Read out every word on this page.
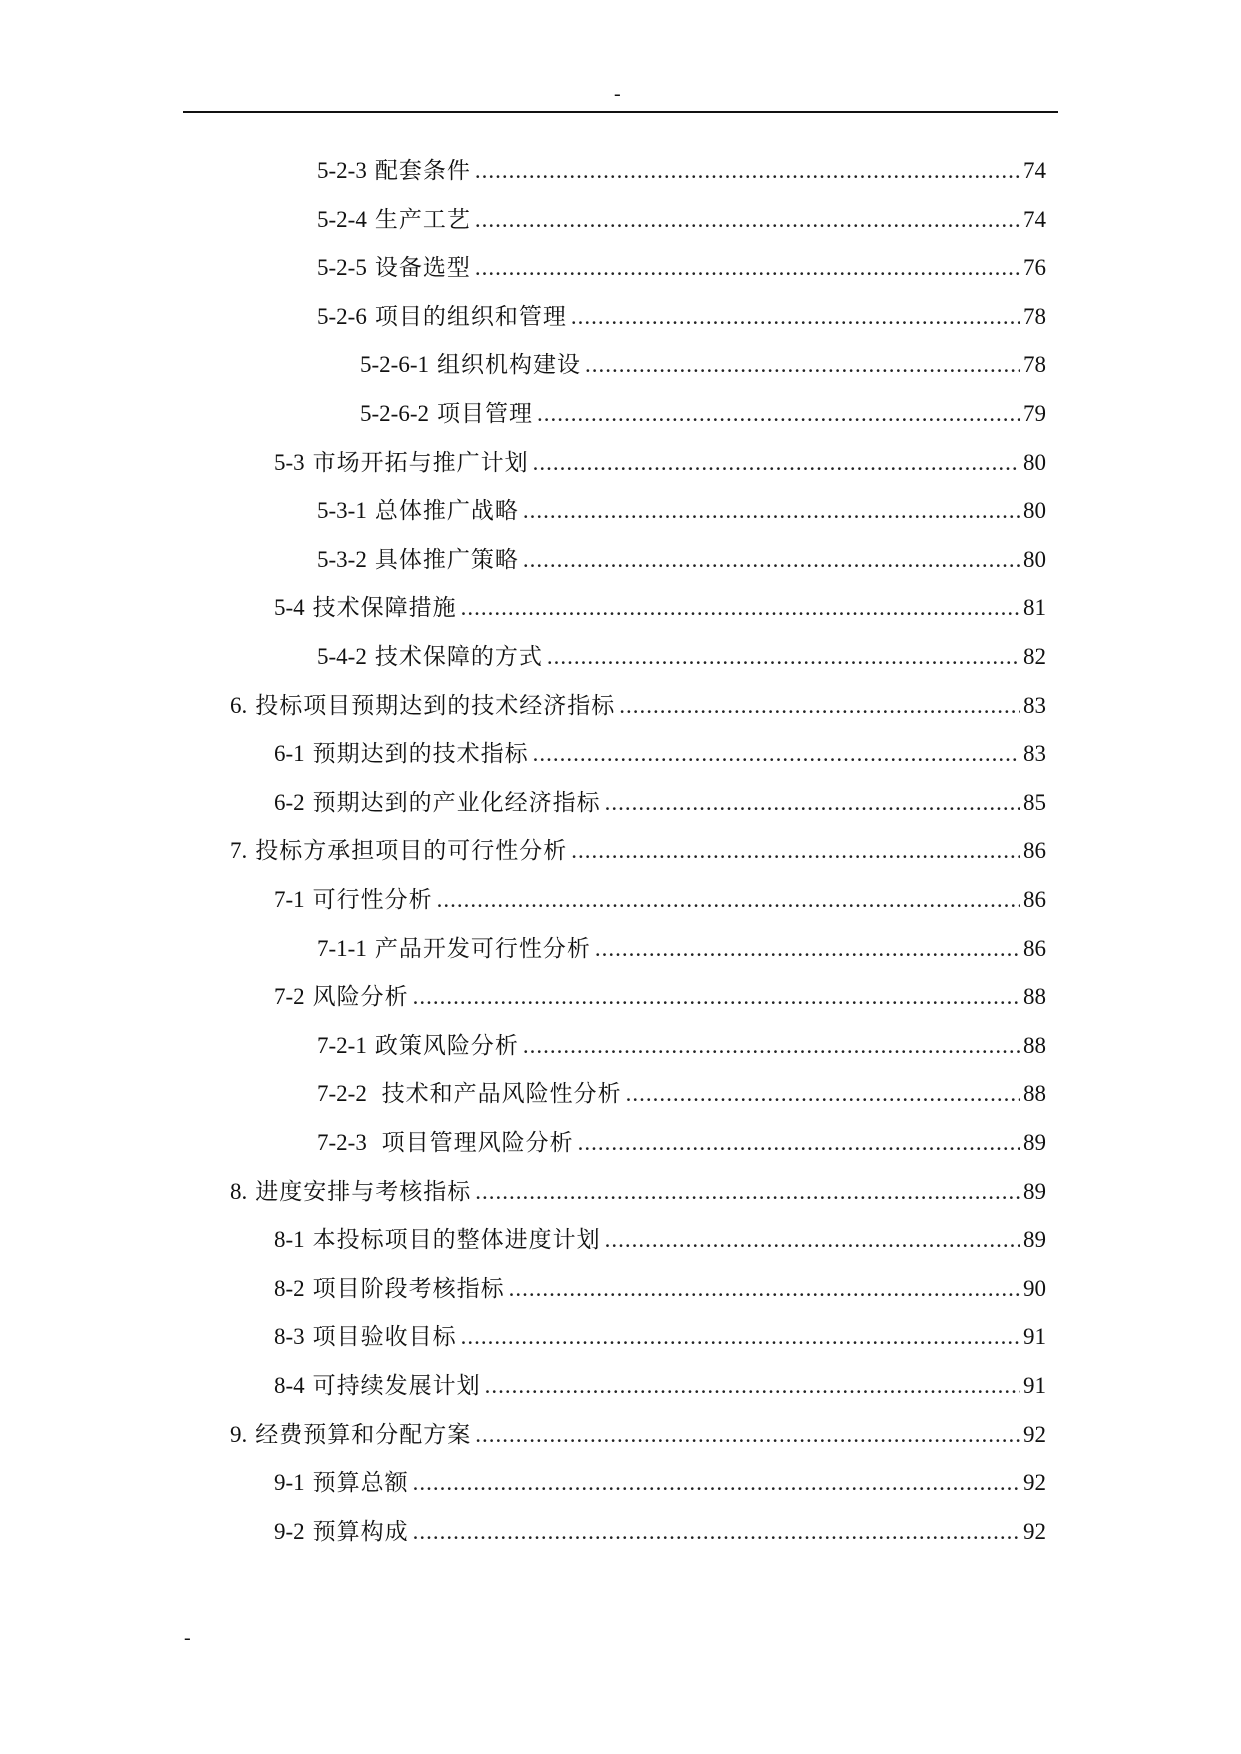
-
5-2-3 配套条件 .....	74
5-2-4 生产工艺 .....	74
5-2-5 设备选型 .....	76
5-2-6 项目的组织和管理 .....	78
5-2-6-1 组织机构建设 .....	78
5-2-6-2 项目管理 .....	79
5-3 市场开拓与推广计划 .....	80
5-3-1 总体推广战略 .....	80
5-3-2 具体推广策略 .....	80
5-4 技术保障措施 .....	81
5-4-2 技术保障的方式 .....	82
6. 投标项目预期达到的技术经济指标 .....	83
6-1 预期达到的技术指标 .....	83
6-2 预期达到的产业化经济指标 .....	85
7. 投标方承担项目的可行性分析 .....	86
7-1 可行性分析 .....	86
7-1-1 产品开发可行性分析 .....	86
7-2 风险分析 .....	88
7-2-1 政策风险分析 .....	88
7-2-2 技术和产品风险性分析 .....	88
7-2-3 项目管理风险分析 .....	89
8. 进度安排与考核指标 .....	89
8-1 本投标项目的整体进度计划 .....	89
8-2 项目阶段考核指标 .....	90
8-3 项目验收目标 .....	91
8-4 可持续发展计划 .....	91
9. 经费预算和分配方案 .....	92
9-1 预算总额 .....	92
9-2 预算构成 .....	92
-
